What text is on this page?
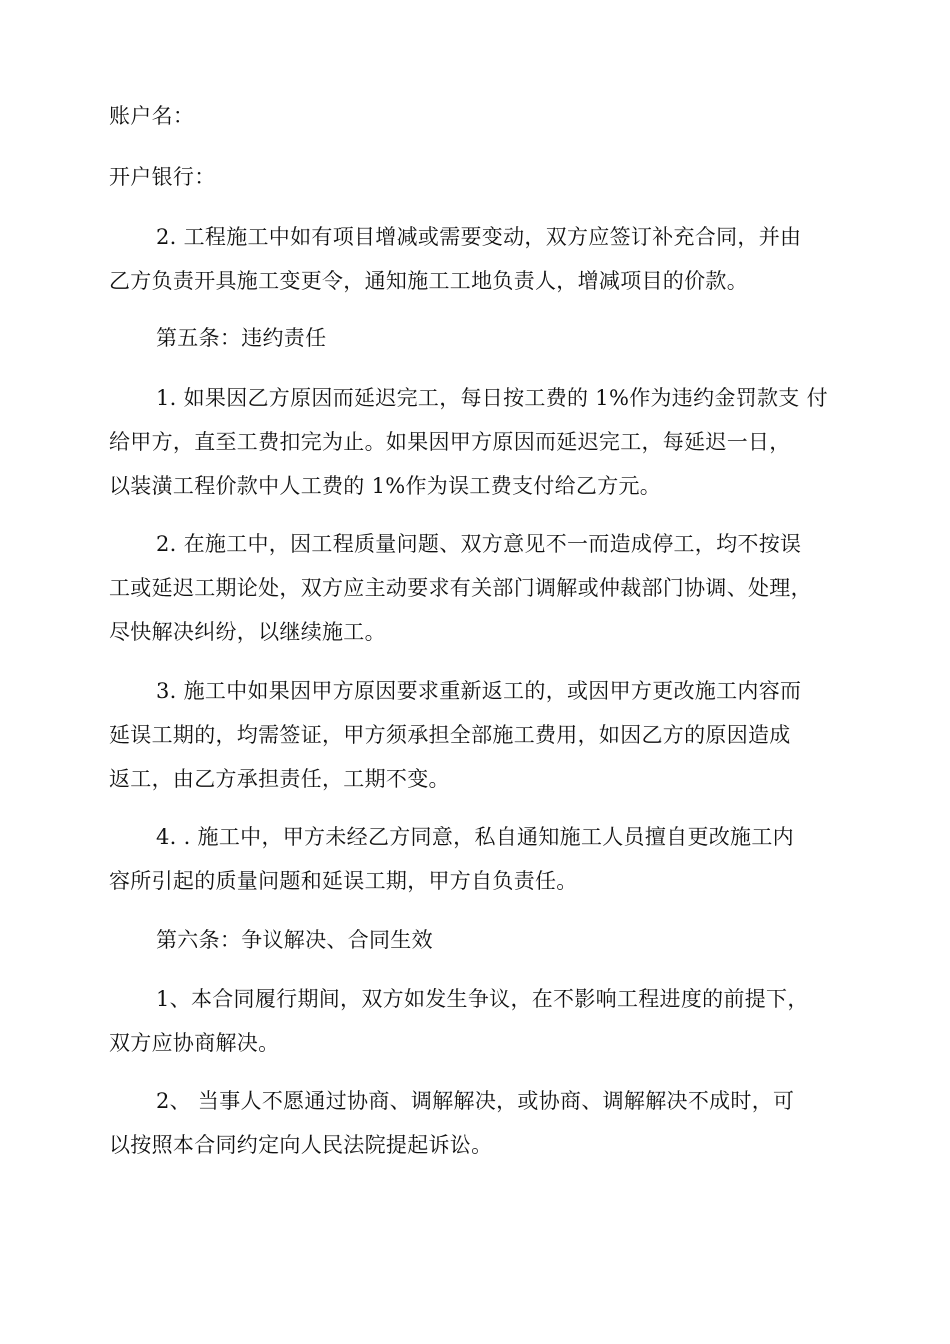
账户名：
开户银行：
2. 工程施工中如有项目增减或需要变动，双方应签订补充合同，并由
乙方负责开具施工变更令，通知施工工地负责人，增减项目的价款。
第五条：违约责任
1. 如果因乙方原因而延迟完工，每日按工费的 1%作为违约金罚款支 付
给甲方，直至工费扣完为止。如果因甲方原因而延迟完工，每延迟一日，
以装潢工程价款中人工费的 1%作为误工费支付给乙方元。
2. 在施工中，因工程质量问题、双方意见不一而造成停工，均不按误
工或延迟工期论处，双方应主动要求有关部门调解或仲裁部门协调、处理，
尽快解决纠纷，以继续施工。
3. 施工中如果因甲方原因要求重新返工的，或因甲方更改施工内容而
延误工期的，均需签证，甲方须承担全部施工费用，如因乙方的原因造成
返工，由乙方承担责任，工期不变。
4. . 施工中，甲方未经乙方同意，私自通知施工人员擅自更改施工内
容所引起的质量问题和延误工期，甲方自负责任。
第六条：争议解决、合同生效
1、本合同履行期间，双方如发生争议，在不影响工程进度的前提下，
双方应协商解决。
2、 当事人不愿通过协商、调解解决，或协商、调解解决不成时，可
以按照本合同约定向人民法院提起诉讼。
